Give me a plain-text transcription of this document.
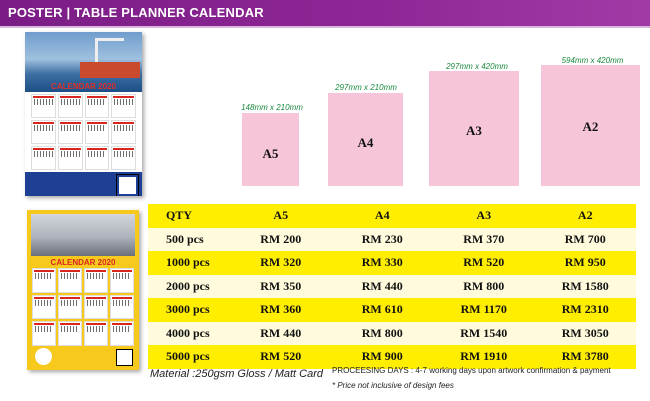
POSTER | TABLE PLANNER CALENDAR
CALENDAR 2020
CALENDAR 2020
148mm x 210mm
A5
297mm x 210mm
A4
297mm x 420mm
A3
594mm x 420mm
A2
QTY	A5	A4	A3	A2
500 pcs	RM 200	RM 230	RM 370	RM 700
1000 pcs	RM 320	RM 330	RM 520	RM 950
2000 pcs	RM 350	RM 440	RM 800	RM 1580
3000 pcs	RM 360	RM 610	RM 1170	RM 2310
4000 pcs	RM 440	RM 800	RM 1540	RM 3050
5000 pcs	RM 520	RM 900	RM 1910	RM 3780
Material :250gsm Gloss / Matt Card PROCEESING DAYS : 4-7 working days upon artwork confirmation & payment
* Price not inclusive of design fees
